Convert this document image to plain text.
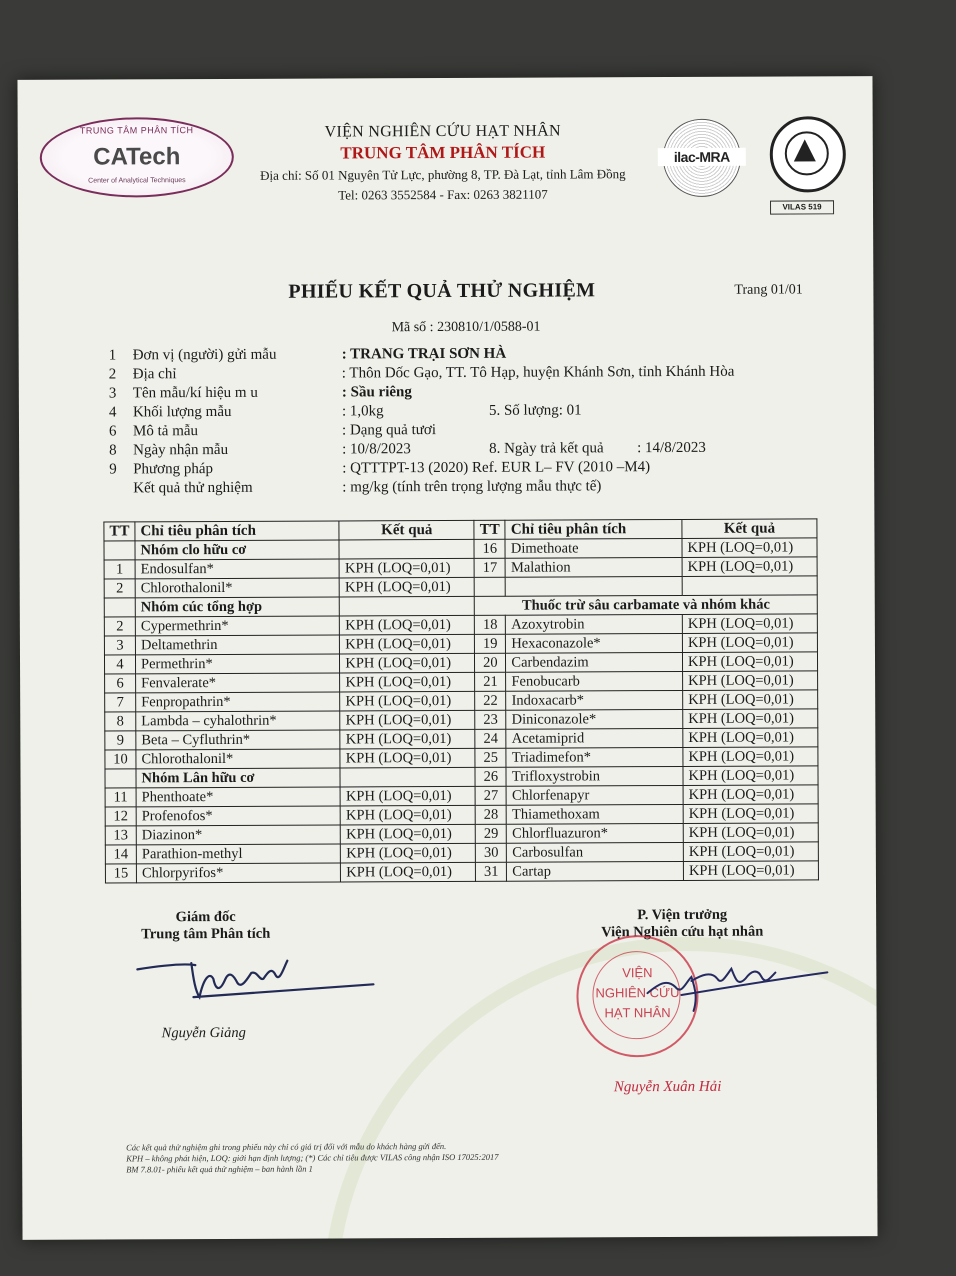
TRUNG TÂM PHÂN TÍCH
CATech
Center of Analytical Techniques
VIỆN NGHIÊN CỨU HẠT NHÂN
TRUNG TÂM PHÂN TÍCH
Địa chỉ: Số 01 Nguyên Tử Lực, phường 8, TP. Đà Lạt, tỉnh Lâm Đồng
Tel: 0263 3552584 - Fax: 0263 3821107
ilac-MRA
VILAS 519
PHIẾU KẾT QUẢ THỬ NGHIỆM	Trang 01/01
Mã số : 230810/1/0588-01
1	Đơn vị (người) gửi mẫu	: TRANG TRẠI SƠN HÀ
2	Địa chỉ	: Thôn Dốc Gạo, TT. Tô Hạp, huyện Khánh Sơn, tỉnh Khánh Hòa
3	Tên mẫu/kí hiệu m u	: Sầu riêng
4	Khối lượng mẫu	: 1,0kg	5. Số lượng: 01
6	Mô tả mẫu	: Dạng quả tươi
8	Ngày nhận mẫu	: 10/8/2023	8. Ngày trả kết quả : 14/8/2023
9	Phương pháp	: QTTTPT-13 (2020) Ref. EUR L– FV (2010 –M4)
Kết quả thử nghiệm	: mg/kg (tính trên trọng lượng mẫu thực tế)
TT	Chỉ tiêu phân tích	Kết quả	TT	Chỉ tiêu phân tích	Kết quả
	Nhóm clo hữu cơ		16	Dimethoate	KPH (LOQ=0,01)
1	Endosulfan*	KPH (LOQ=0,01)	17	Malathion	KPH (LOQ=0,01)
2	Chlorothalonil*	KPH (LOQ=0,01)			
	Nhóm cúc tổng hợp		Thuốc trừ sâu carbamate và nhóm khác		
2	Cypermethrin*	KPH (LOQ=0,01)	18	Azoxytrobin	KPH (LOQ=0,01)
3	Deltamethrin	KPH (LOQ=0,01)	19	Hexaconazole*	KPH (LOQ=0,01)
4	Permethrin*	KPH (LOQ=0,01)	20	Carbendazim	KPH (LOQ=0,01)
6	Fenvalerate*	KPH (LOQ=0,01)	21	Fenobucarb	KPH (LOQ=0,01)
7	Fenpropathrin*	KPH (LOQ=0,01)	22	Indoxacarb*	KPH (LOQ=0,01)
8	Lambda – cyhalothrin*	KPH (LOQ=0,01)	23	Diniconazole*	KPH (LOQ=0,01)
9	Beta – Cyfluthrin*	KPH (LOQ=0,01)	24	Acetamiprid	KPH (LOQ=0,01)
10	Chlorothalonil*	KPH (LOQ=0,01)	25	Triadimefon*	KPH (LOQ=0,01)
	Nhóm Lân hữu cơ		26	Trifloxystrobin	KPH (LOQ=0,01)
11	Phenthoate*	KPH (LOQ=0,01)	27	Chlorfenapyr	KPH (LOQ=0,01)
12	Profenofos*	KPH (LOQ=0,01)	28	Thiamethoxam	KPH (LOQ=0,01)
13	Diazinon*	KPH (LOQ=0,01)	29	Chlorfluazuron*	KPH (LOQ=0,01)
14	Parathion-methyl	KPH (LOQ=0,01)	30	Carbosulfan	KPH (LOQ=0,01)
15	Chlorpyrifos*	KPH (LOQ=0,01)	31	Cartap	KPH (LOQ=0,01)
Giám đốc
Trung tâm Phân tích
Nguyễn Giảng
P. Viện trưởng
Viện Nghiên cứu hạt nhân
VIỆN
NGHIÊN CỨU
HẠT NHÂN
Nguyễn Xuân Hải
Các kết quả thử nghiệm ghi trong phiếu này chỉ có giá trị đối với mẫu do khách hàng gửi đến.
KPH – không phát hiện, LOQ: giới hạn định lượng; (*) Các chỉ tiêu được VILAS công nhận ISO 17025:2017
BM 7.8.01- phiếu kết quả thử nghiệm – ban hành lần 1
